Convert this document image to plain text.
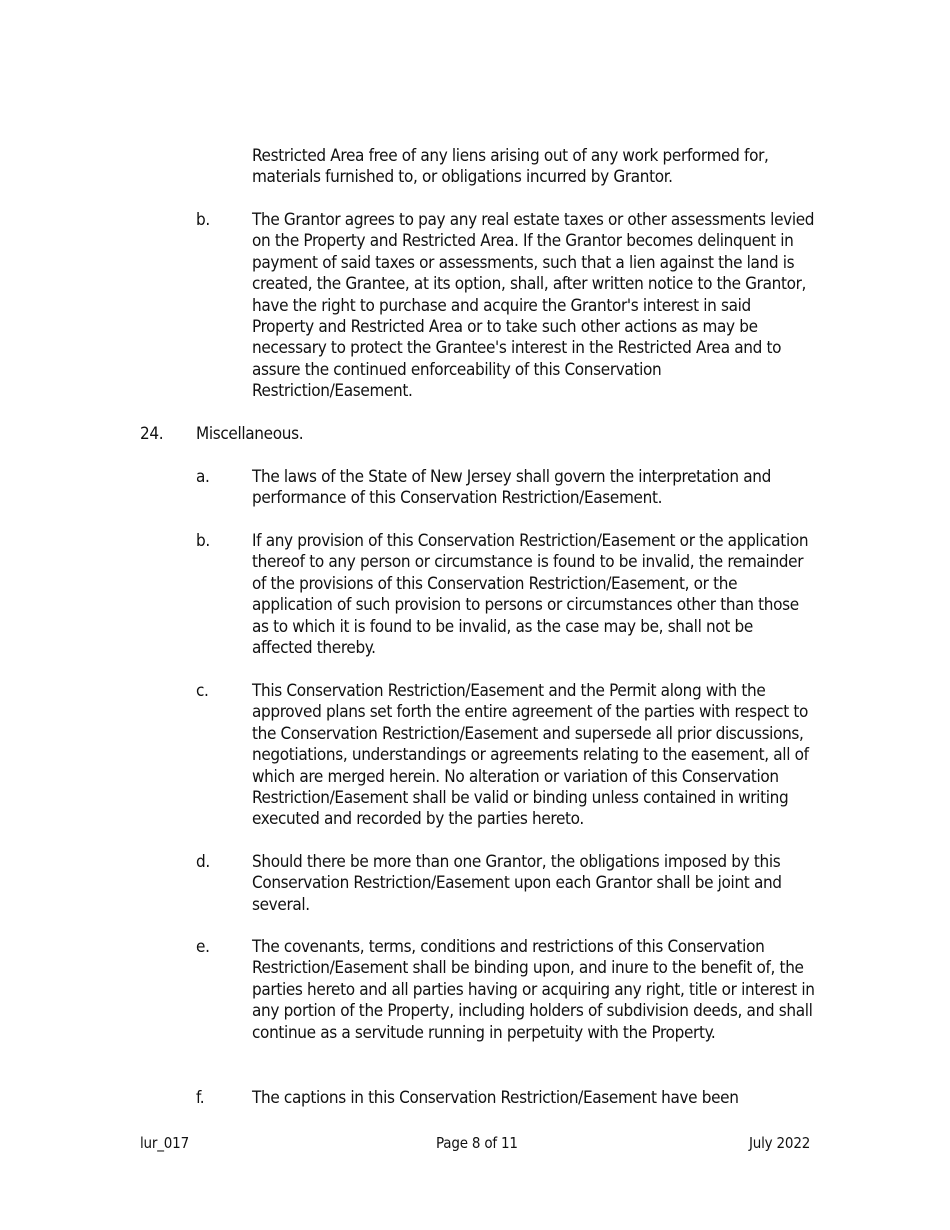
Restricted Area free of any liens arising out of any work performed for, materials furnished to, or obligations incurred by Grantor.
b. The Grantor agrees to pay any real estate taxes or other assessments levied on the Property and Restricted Area. If the Grantor becomes delinquent in payment of said taxes or assessments, such that a lien against the land is created, the Grantee, at its option, shall, after written notice to the Grantor, have the right to purchase and acquire the Grantor's interest in said Property and Restricted Area or to take such other actions as may be necessary to protect the Grantee's interest in the Restricted Area and to assure the continued enforceability of this Conservation Restriction/Easement.
24. Miscellaneous.
a. The laws of the State of New Jersey shall govern the interpretation and performance of this Conservation Restriction/Easement.
b. If any provision of this Conservation Restriction/Easement or the application thereof to any person or circumstance is found to be invalid, the remainder of the provisions of this Conservation Restriction/Easement, or the application of such provision to persons or circumstances other than those as to which it is found to be invalid, as the case may be, shall not be affected thereby.
c.	This Conservation Restriction/Easement and the Permit along with the approved plans set forth the entire agreement of the parties with respect to the Conservation Restriction/Easement and supersede all prior discussions, negotiations, understandings or agreements relating to the easement, all of which are merged herein. No alteration or variation of this Conservation Restriction/Easement shall be valid or binding unless contained in writing executed and recorded by the parties hereto.
d. Should there be more than one Grantor, the obligations imposed by this Conservation Restriction/Easement upon each Grantor shall be joint and several.
e. The covenants, terms, conditions and restrictions of this Conservation Restriction/Easement shall be binding upon, and inure to the benefit of, the parties hereto and all parties having or acquiring any right, title or interest in any portion of the Property, including holders of subdivision deeds, and shall continue as a servitude running in perpetuity with the Property.
f.	The captions in this Conservation Restriction/Easement have been
lur_017	Page 8 of 11	July 2022
